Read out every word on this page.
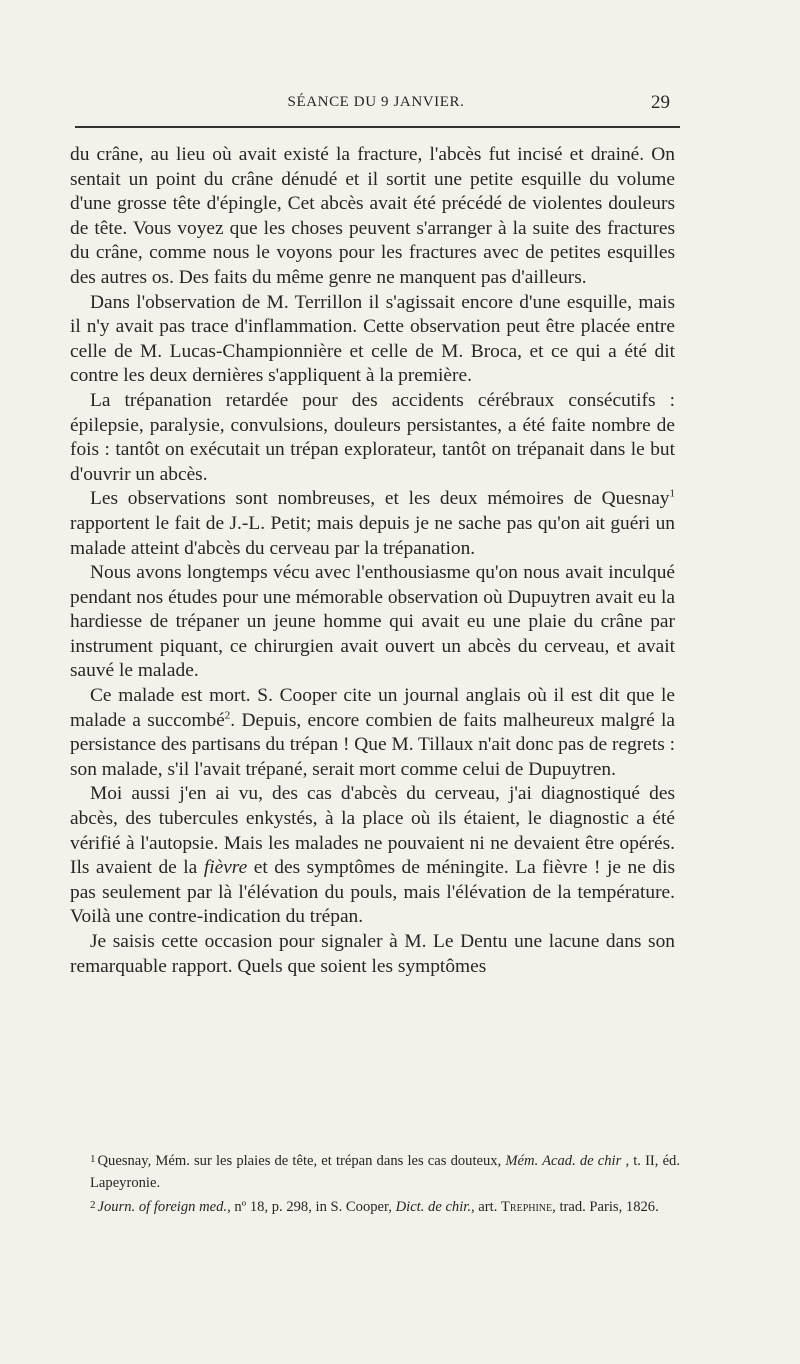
SÉANCE DU 9 JANVIER.	29

du crâne, au lieu où avait existé la fracture, l'abcès fut incisé et drainé. On sentait un point du crâne dénudé et il sortit une petite esquille du volume d'une grosse tête d'épingle, Cet abcès avait été précédé de violentes douleurs de tête. Vous voyez que les choses peuvent s'arranger à la suite des fractures du crâne, comme nous le voyons pour les fractures avec de petites esquilles des autres os. Des faits du même genre ne manquent pas d'ailleurs.

Dans l'observation de M. Terrillon il s'agissait encore d'une esquille, mais il n'y avait pas trace d'inflammation. Cette observation peut être placée entre celle de M. Lucas-Championnière et celle de M. Broca, et ce qui a été dit contre les deux dernières s'appliquent à la première.

La trépanation retardée pour des accidents cérébraux consécutifs : épilepsie, paralysie, convulsions, douleurs persistantes, a été faite nombre de fois : tantôt on exécutait un trépan explorateur, tantôt on trépanait dans le but d'ouvrir un abcès.

Les observations sont nombreuses, et les deux mémoires de Quesnay$^1$ rapportent le fait de J.-L. Petit; mais depuis je ne sache pas qu'on ait guéri un malade atteint d'abcès du cerveau par la trépanation.

Nous avons longtemps vécu avec l'enthousiasme qu'on nous avait inculqué pendant nos études pour une mémorable observation où Dupuytren avait eu la hardiesse de trépaner un jeune homme qui avait eu une plaie du crâne par instrument piquant, ce chirurgien avait ouvert un abcès du cerveau, et avait sauvé le malade.

Ce malade est mort. S. Cooper cite un journal anglais où il est dit que le malade a succombé$^2$. Depuis, encore combien de faits malheureux malgré la persistance des partisans du trépan ! Que M. Tillaux n'ait donc pas de regrets : son malade, s'il l'avait trépané, serait mort comme celui de Dupuytren.

Moi aussi j'en ai vu, des cas d'abcès du cerveau, j'ai diagnostiqué des abcès, des tubercules enkystés, à la place où ils étaient, le diagnostic a été vérifié à l'autopsie. Mais les malades ne pouvaient ni ne devaient être opérés. Ils avaient de la fièvre et des symptômes de méningite. La fièvre ! je ne dis pas seulement par là l'élévation du pouls, mais l'élévation de la température. Voilà une contre-indication du trépan.

Je saisis cette occasion pour signaler à M. Le Dentu une lacune dans son remarquable rapport. Quels que soient les symptômes

$^1$ Quesnay, Mém. sur les plaies de tête, et trépan dans les cas douteux, Mém. Acad. de chir , t. II, éd. Lapeyronie.

$^2$ Journ. of foreign med., nº 18, p. 298, in S. Cooper, Dict. de chir., art. Trephine, trad. Paris, 1826.
